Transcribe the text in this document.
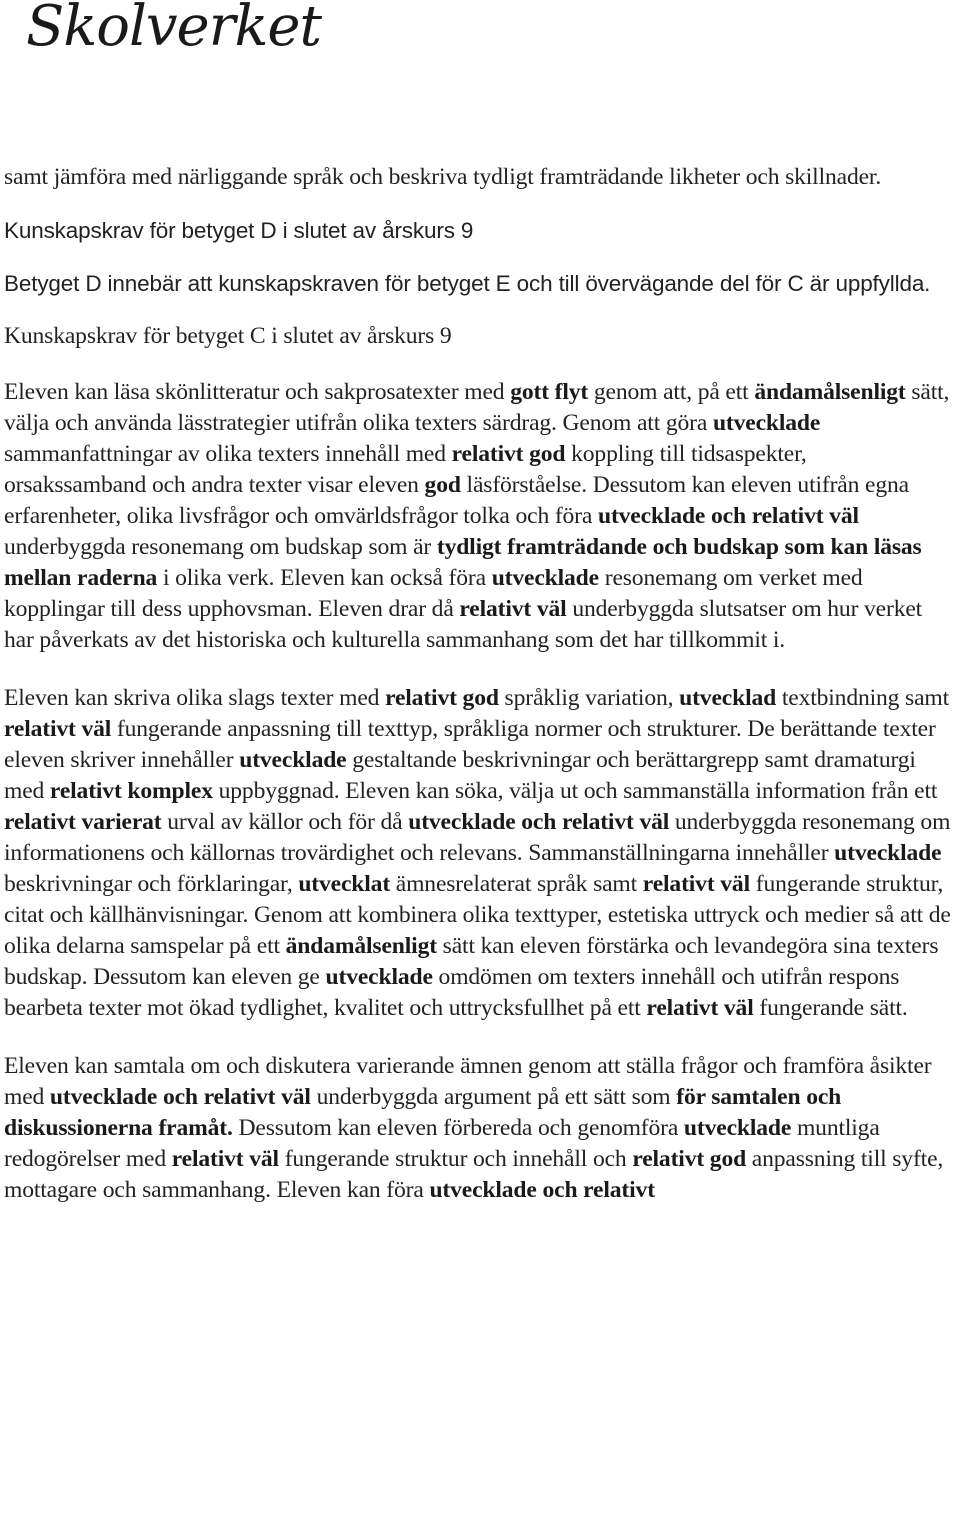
Skolverket

samt jämföra med närliggande språk och beskriva tydligt framträdande likheter och skillnader.

Kunskapskrav för betyget D i slutet av årskurs 9

Betyget D innebär att kunskapskraven för betyget E och till övervägande del för C är uppfyllda.

Kunskapskrav för betyget C i slutet av årskurs 9

Eleven kan läsa skönlitteratur och sakprosatexter med gott flyt genom att, på ett ändamålsenligt sätt, välja och använda lässtrategier utifrån olika texters särdrag. Genom att göra utvecklade sammanfattningar av olika texters innehåll med relativt god koppling till tidsaspekter, orsakssamband och andra texter visar eleven god läsförståelse. Dessutom kan eleven utifrån egna erfarenheter, olika livsfrågor och omvärldsfrågor tolka och föra utvecklade och relativt väl underbyggda resonemang om budskap som är tydligt framträdande och budskap som kan läsas mellan raderna i olika verk. Eleven kan också föra utvecklade resonemang om verket med kopplingar till dess upphovsman. Eleven drar då relativt väl underbyggda slutsatser om hur verket har påverkats av det historiska och kulturella sammanhang som det har tillkommit i.

Eleven kan skriva olika slags texter med relativt god språklig variation, utvecklad textbindning samt relativt väl fungerande anpassning till texttyp, språkliga normer och strukturer. De berättande texter eleven skriver innehåller utvecklade gestaltande beskrivningar och berättargrepp samt dramaturgi med relativt komplex uppbyggnad. Eleven kan söka, välja ut och sammanställa information från ett relativt varierat urval av källor och för då utvecklade och relativt väl underbyggda resonemang om informationens och källornas trovärdighet och relevans. Sammanställningarna innehåller utvecklade beskrivningar och förklaringar, utvecklat ämnesrelaterat språk samt relativt väl fungerande struktur, citat och källhänvisningar. Genom att kombinera olika texttyper, estetiska uttryck och medier så att de olika delarna samspelar på ett ändamålsenligt sätt kan eleven förstärka och levandegöra sina texters budskap. Dessutom kan eleven ge utvecklade omdömen om texters innehåll och utifrån respons bearbeta texter mot ökad tydlighet, kvalitet och uttrycksfullhet på ett relativt väl fungerande sätt.

Eleven kan samtala om och diskutera varierande ämnen genom att ställa frågor och framföra åsikter med utvecklade och relativt väl underbyggda argument på ett sätt som för samtalen och diskussionerna framåt. Dessutom kan eleven förbereda och genomföra utvecklade muntliga redogörelser med relativt väl fungerande struktur och innehåll och relativt god anpassning till syfte, mottagare och sammanhang. Eleven kan föra utvecklade och relativt
